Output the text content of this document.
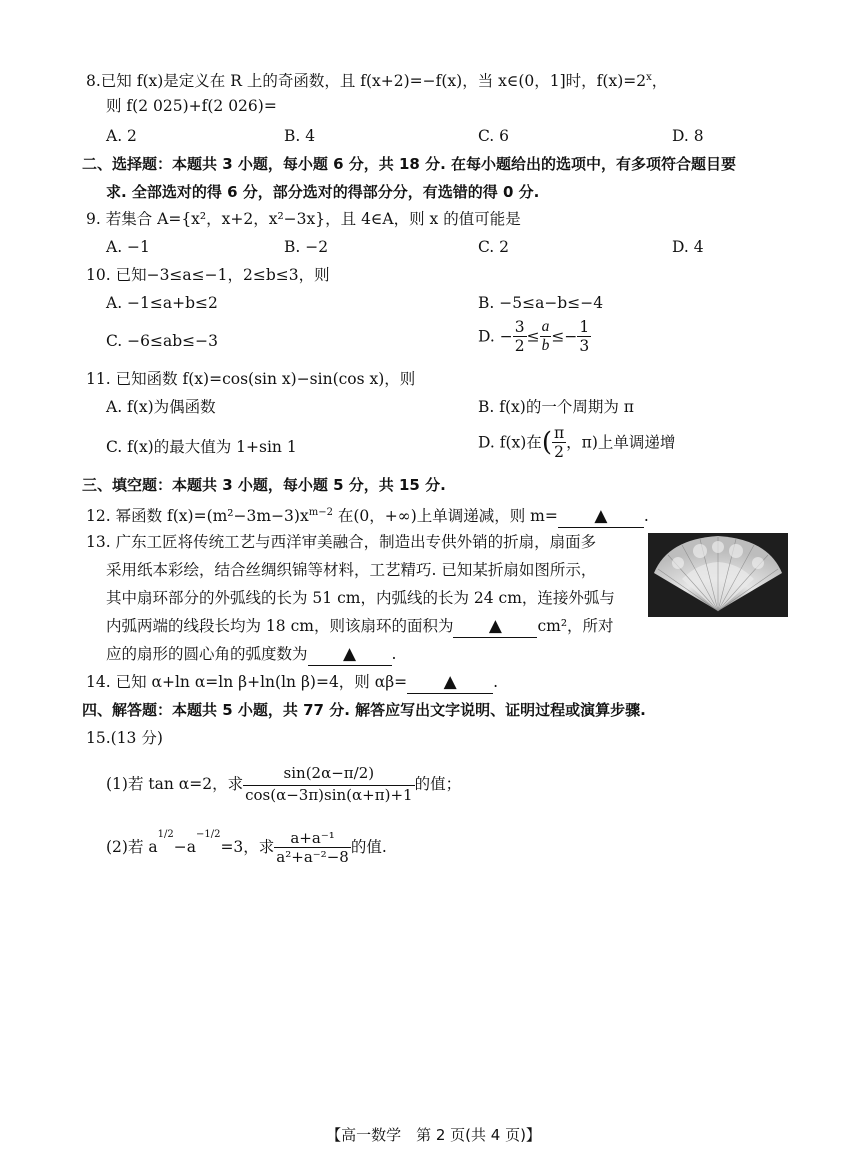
8.已知 f(x)是定义在 R 上的奇函数，且 f(x+2)=−f(x)，当 x∈(0，1]时，$f(x)=2^x$，
则 f(2 025)+f(2 026)=
A. 2	B. 4	C. 6	D. 8
二、选择题：本题共 3 小题，每小题 6 分，共 18 分. 在每小题给出的选项中，有多项符合题目要
求. 全部选对的得 6 分，部分选对的得部分分，有选错的得 0 分.
9. 若集合 A={x²，x+2，x²−3x}，且 4∈A，则 x 的值可能是
A. −1	B. −2	C. 2	D. 4
10. 已知−3≤a≤−1，2≤b≤3，则
A. −1≤a+b≤2	B. −5≤a−b≤−4
C. −6≤ab≤−3	D. − $\frac{3}{2} \le \frac{a}{b} \le- \frac{1}{3}$
11. 已知函数 f(x)=cos(sin x)−sin(cos x)，则
A. f(x)为偶函数	B. f(x)的一个周期为 π
C. f(x)的最大值为 1+sin 1	D. f(x)在( $\frac{\pi}{2}$ ，π)上单调递增
三、填空题：本题共 3 小题，每小题 5 分，共 15 分.
12. 幂函数 $f(x)=(m^2-3m-3)x^{m-2}$ 在(0，+∞)上单调递减，则 m= ▲ .
13. 广东工匠将传统工艺与西洋审美融合，制造出专供外销的折扇，扇面多
采用纸本彩绘，结合丝绸织锦等材料，工艺精巧. 已知某折扇如图所示，
其中扇环部分的外弧线的长为 51 cm，内弧线的长为 24 cm，连接外弧与
内弧两端的线段长均为 18 cm，则该扇环的面积为 ▲ cm²，所对
应的扇形的圆心角的弧度数为 ▲ .
14. 已知 α+ln α=ln β+ln(ln β)=4，则 αβ= ▲ .
四、解答题：本题共 5 小题，共 77 分. 解答应写出文字说明、证明过程或演算步骤.
15.(13 分)
(1)若 tan α=2，求 $\frac{\sin(2\alpha-\pi/2)}{\cos(\alpha-3\pi)\sin(\alpha+\pi)+1}$ 的值；
(2)若 $a^{1/2}-a^{-1/2}=3$，求 $\frac{\text{a+a⁻¹}}{\text{a²+a⁻²−8}}$ 的值.
【高一数学　第 2 页(共 4 页)】
